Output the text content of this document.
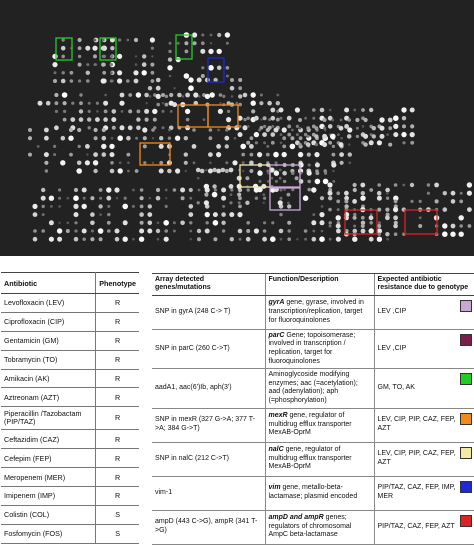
Antibiotic	Phenotype
Levofloxacin (LEV)	R
Ciprofloxacin (CIP)	R
Gentamicin (GM)	R
Tobramycin (TO)	R
Amikacin (AK)	R
Aztreonam (AZT)	R
Piperacillin /Tazobactam (PIP/TAZ)	R
Ceftazidim (CAZ)	R
Cefepim (FEP)	R
Meropenem (MER)	R
Imipenem (IMP)	R
Colistin (COL)	S
Fosfomycin (FOS)	S
Array detected genes/mutations	Function/Description	Expected antibiotic resistance due to genotype
SNP in gyrA (248 C-> T)	gyrA gene, gyrase, involved in transcription/replication, target for fluoroquinolones	LEV ,CIP

SNP in parC (260 C->T)	parC Gene; topoisomerase; involved in transcription / replication, target for fluoroquinolones	LEV ,CIP

aadA1, aac(6')Ib, aph(3')	Aminoglycoside modifying enzymes; aac (=acetylation); aad (adenylation); aph (=phosphorylation)	GM, TO, AK

SNP in mexR (327 G->A; 377 T->A; 384 G->T)	mexR gene, regulator of multidrug efflux transporter MexAB-OprM	LEV, CIP, PIP, CAZ, FEP, AZT

SNP in nalC (212 C->T)	nalC gene, regulator of multidrug efflux transporter MexAB-OprM	LEV, CIP, PIP, CAZ, FEP, AZT

vim-1	vim gene, metallo-beta-lactamase; plasmid encoded	PIP/TAZ, CAZ, FEP, IMP, MER

ampD (443 C->G), ampR (341 T->G)	ampD and ampR genes; regulators of chromosomal AmpC beta-lactamase	PIP/TAZ, CAZ, FEP, AZT
